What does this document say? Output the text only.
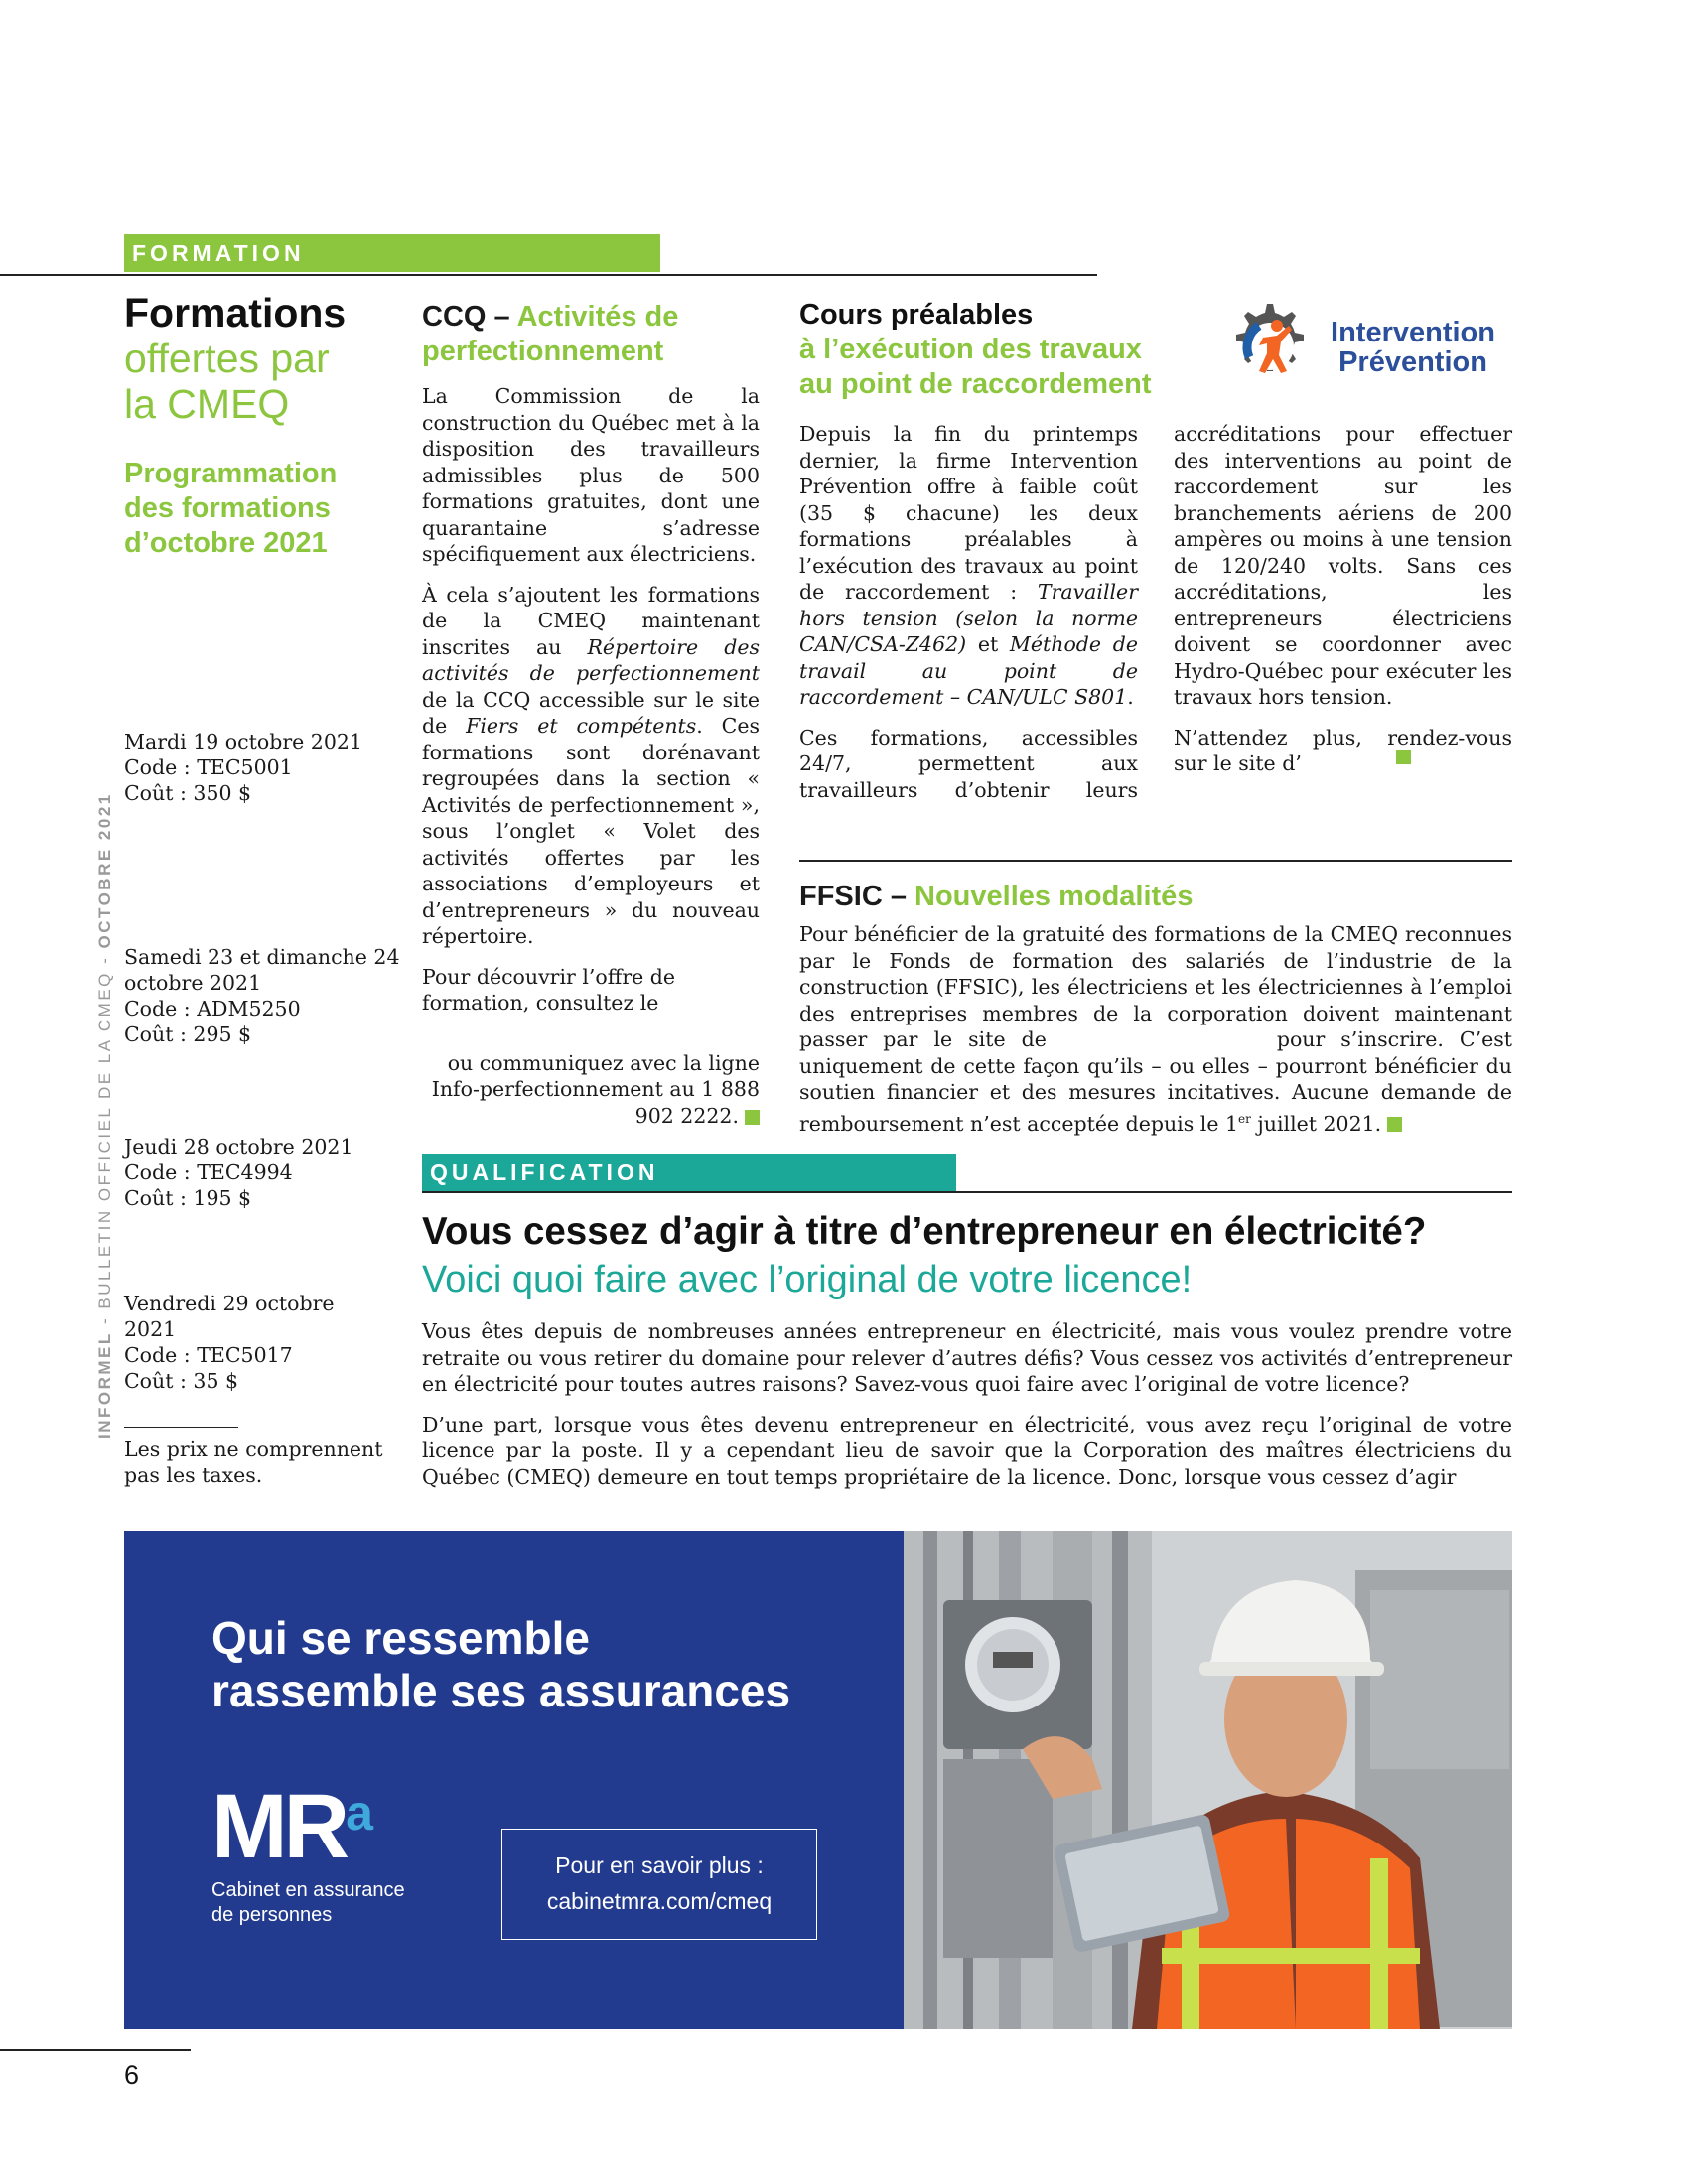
FORMATION
INFORMEL - BULLETIN OFFICIEL DE LA CMEQ - OCTOBRE 2021
Formations
offertes par
la CMEQ
Programmation
des formations
d’octobre 2021
Mardi 19 octobre 2021
Code : TEC5001
Coût : 350 $
Samedi 23 et dimanche 24 octobre 2021
Code : ADM5250
Coût : 295 $
Jeudi 28 octobre 2021
Code : TEC4994
Coût : 195 $
Vendredi 29 octobre 2021
Code : TEC5017
Coût : 35 $
Les prix ne comprennent pas les taxes.
CCQ – Activités de perfectionnement

La Commission de la construction du Québec met à la disposition des travailleurs admissibles plus de 500 formations gratuites, dont une quarantaine s’adresse spécifiquement aux électriciens.

À cela s’ajoutent les formations de la CMEQ maintenant inscrites au Répertoire des activités de perfectionnement de la CCQ accessible sur le site de Fiers et compétents. Ces formations sont dorénavant regroupées dans la section « Activités de perfectionnement », sous l’onglet « Volet des activités offertes par les associations d’employeurs et d’entrepreneurs » du nouveau répertoire.

Pour découvrir l’offre de formation, consultez le

ou communiquez avec la ligne Info-perfectionnement au 1 888 902 2222.

Cours préalables
à l’exécution des travaux au point de raccordement
Intervention
Prévention

Depuis la fin du printemps dernier, la firme Intervention Prévention offre à faible coût (35 $ chacune) les deux formations préalables à l’exécution des travaux au point de raccordement : Travailler hors tension (selon la norme CAN/CSA-Z462) et Méthode de travail au point de raccordement – CAN/ULC S801.

Ces formations, accessibles 24/7, permettent aux travailleurs d’obtenir leurs accréditations pour effectuer des interventions au point de raccordement sur les branchements aériens de 200 ampères ou moins à une tension de 120/240 volts. Sans ces accréditations, les entrepreneurs électriciens doivent se coordonner avec Hydro-Québec pour exécuter les travaux hors tension.

N’attendez plus, rendez-vous sur le site d’

FFSIC – Nouvelles modalités

Pour bénéficier de la gratuité des formations de la CMEQ reconnues par le Fonds de formation des salariés de l’industrie de la construction (FFSIC), les électriciens et les électriciennes à l’emploi des entreprises membres de la corporation doivent maintenant passer par le site de	pour s’inscrire. C’est uniquement de cette façon qu’ils – ou elles – pourront bénéficier du soutien financier et des mesures incitatives. Aucune demande de remboursement n’est acceptée depuis le 1er juillet 2021.

QUALIFICATION
Vous cessez d’agir à titre d’entrepreneur en électricité?
Voici quoi faire avec l’original de votre licence!

Vous êtes depuis de nombreuses années entrepreneur en électricité, mais vous voulez prendre votre retraite ou vous retirer du domaine pour relever d’autres défis? Vous cessez vos activités d’entrepreneur en électricité pour toutes autres raisons? Savez-vous quoi faire avec l’original de votre licence?

D’une part, lorsque vous êtes devenu entrepreneur en électricité, vous avez reçu l’original de votre licence par la poste. Il y a cependant lieu de savoir que la Corporation des maîtres électriciens du Québec (CMEQ) demeure en tout temps propriétaire de la licence. Donc, lorsque vous cessez d’agir

Qui se ressemble
rassemble ses assurances
MRa
Cabinet en assurance
de personnes
Pour en savoir plus :
cabinetmra.com/cmeq
6
